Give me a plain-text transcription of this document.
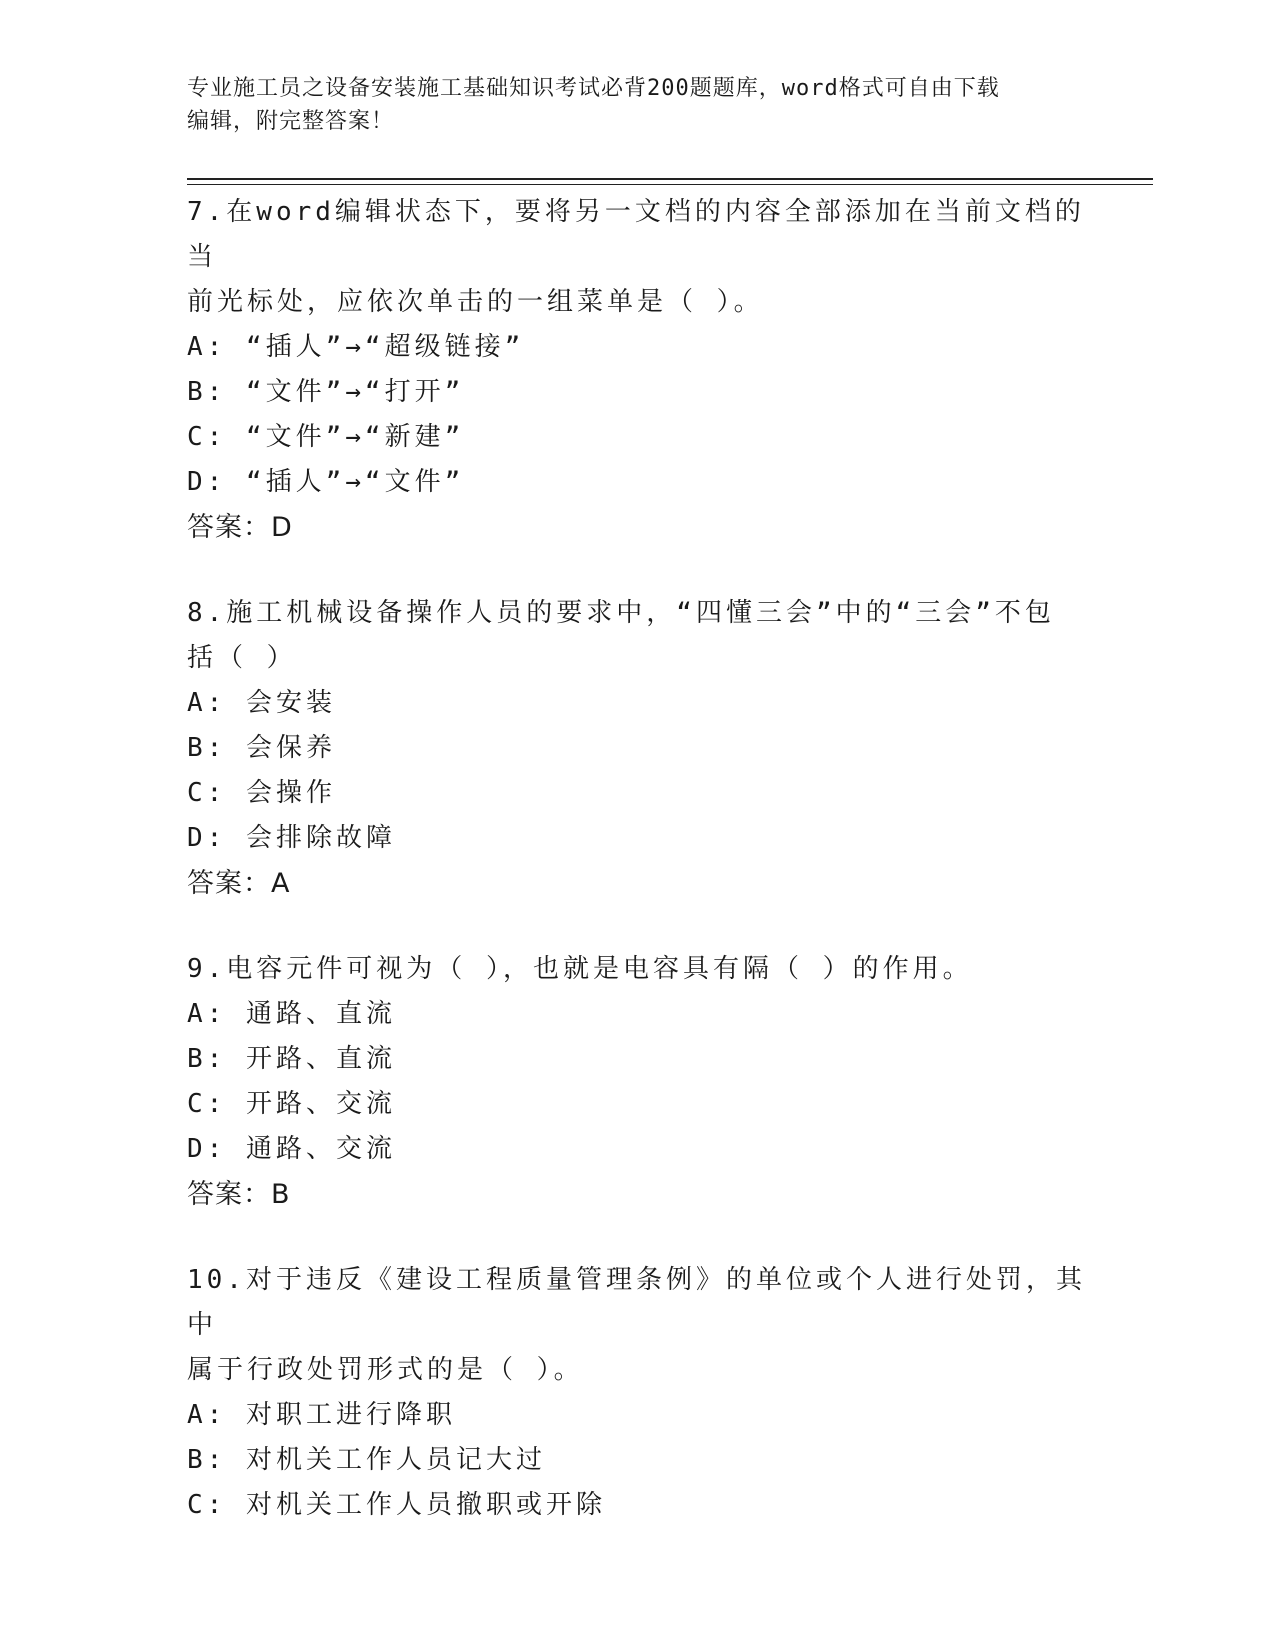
专业施工员之设备安装施工基础知识考试必背200题题库，word格式可自由下载
编辑，附完整答案！

7.在word编辑状态下，要将另一文档的内容全部添加在当前文档的当

前光标处，应依次单击的一组菜单是（ ）。

A: “插人”→“超级链接”

B: “文件”→“打开”

C: “文件”→“新建”

D: “插人”→“文件”

答案：D

8.施工机械设备操作人员的要求中，“四懂三会”中的“三会”不包

括（ ）

A: 会安装

B: 会保养

C: 会操作

D: 会排除故障

答案：A

9.电容元件可视为（ ），也就是电容具有隔（ ）的作用。

A: 通路、直流

B: 开路、直流

C: 开路、交流

D: 通路、交流

答案：B

10.对于违反《建设工程质量管理条例》的单位或个人进行处罚，其中

属于行政处罚形式的是（ ）。

A: 对职工进行降职

B: 对机关工作人员记大过

C: 对机关工作人员撤职或开除
